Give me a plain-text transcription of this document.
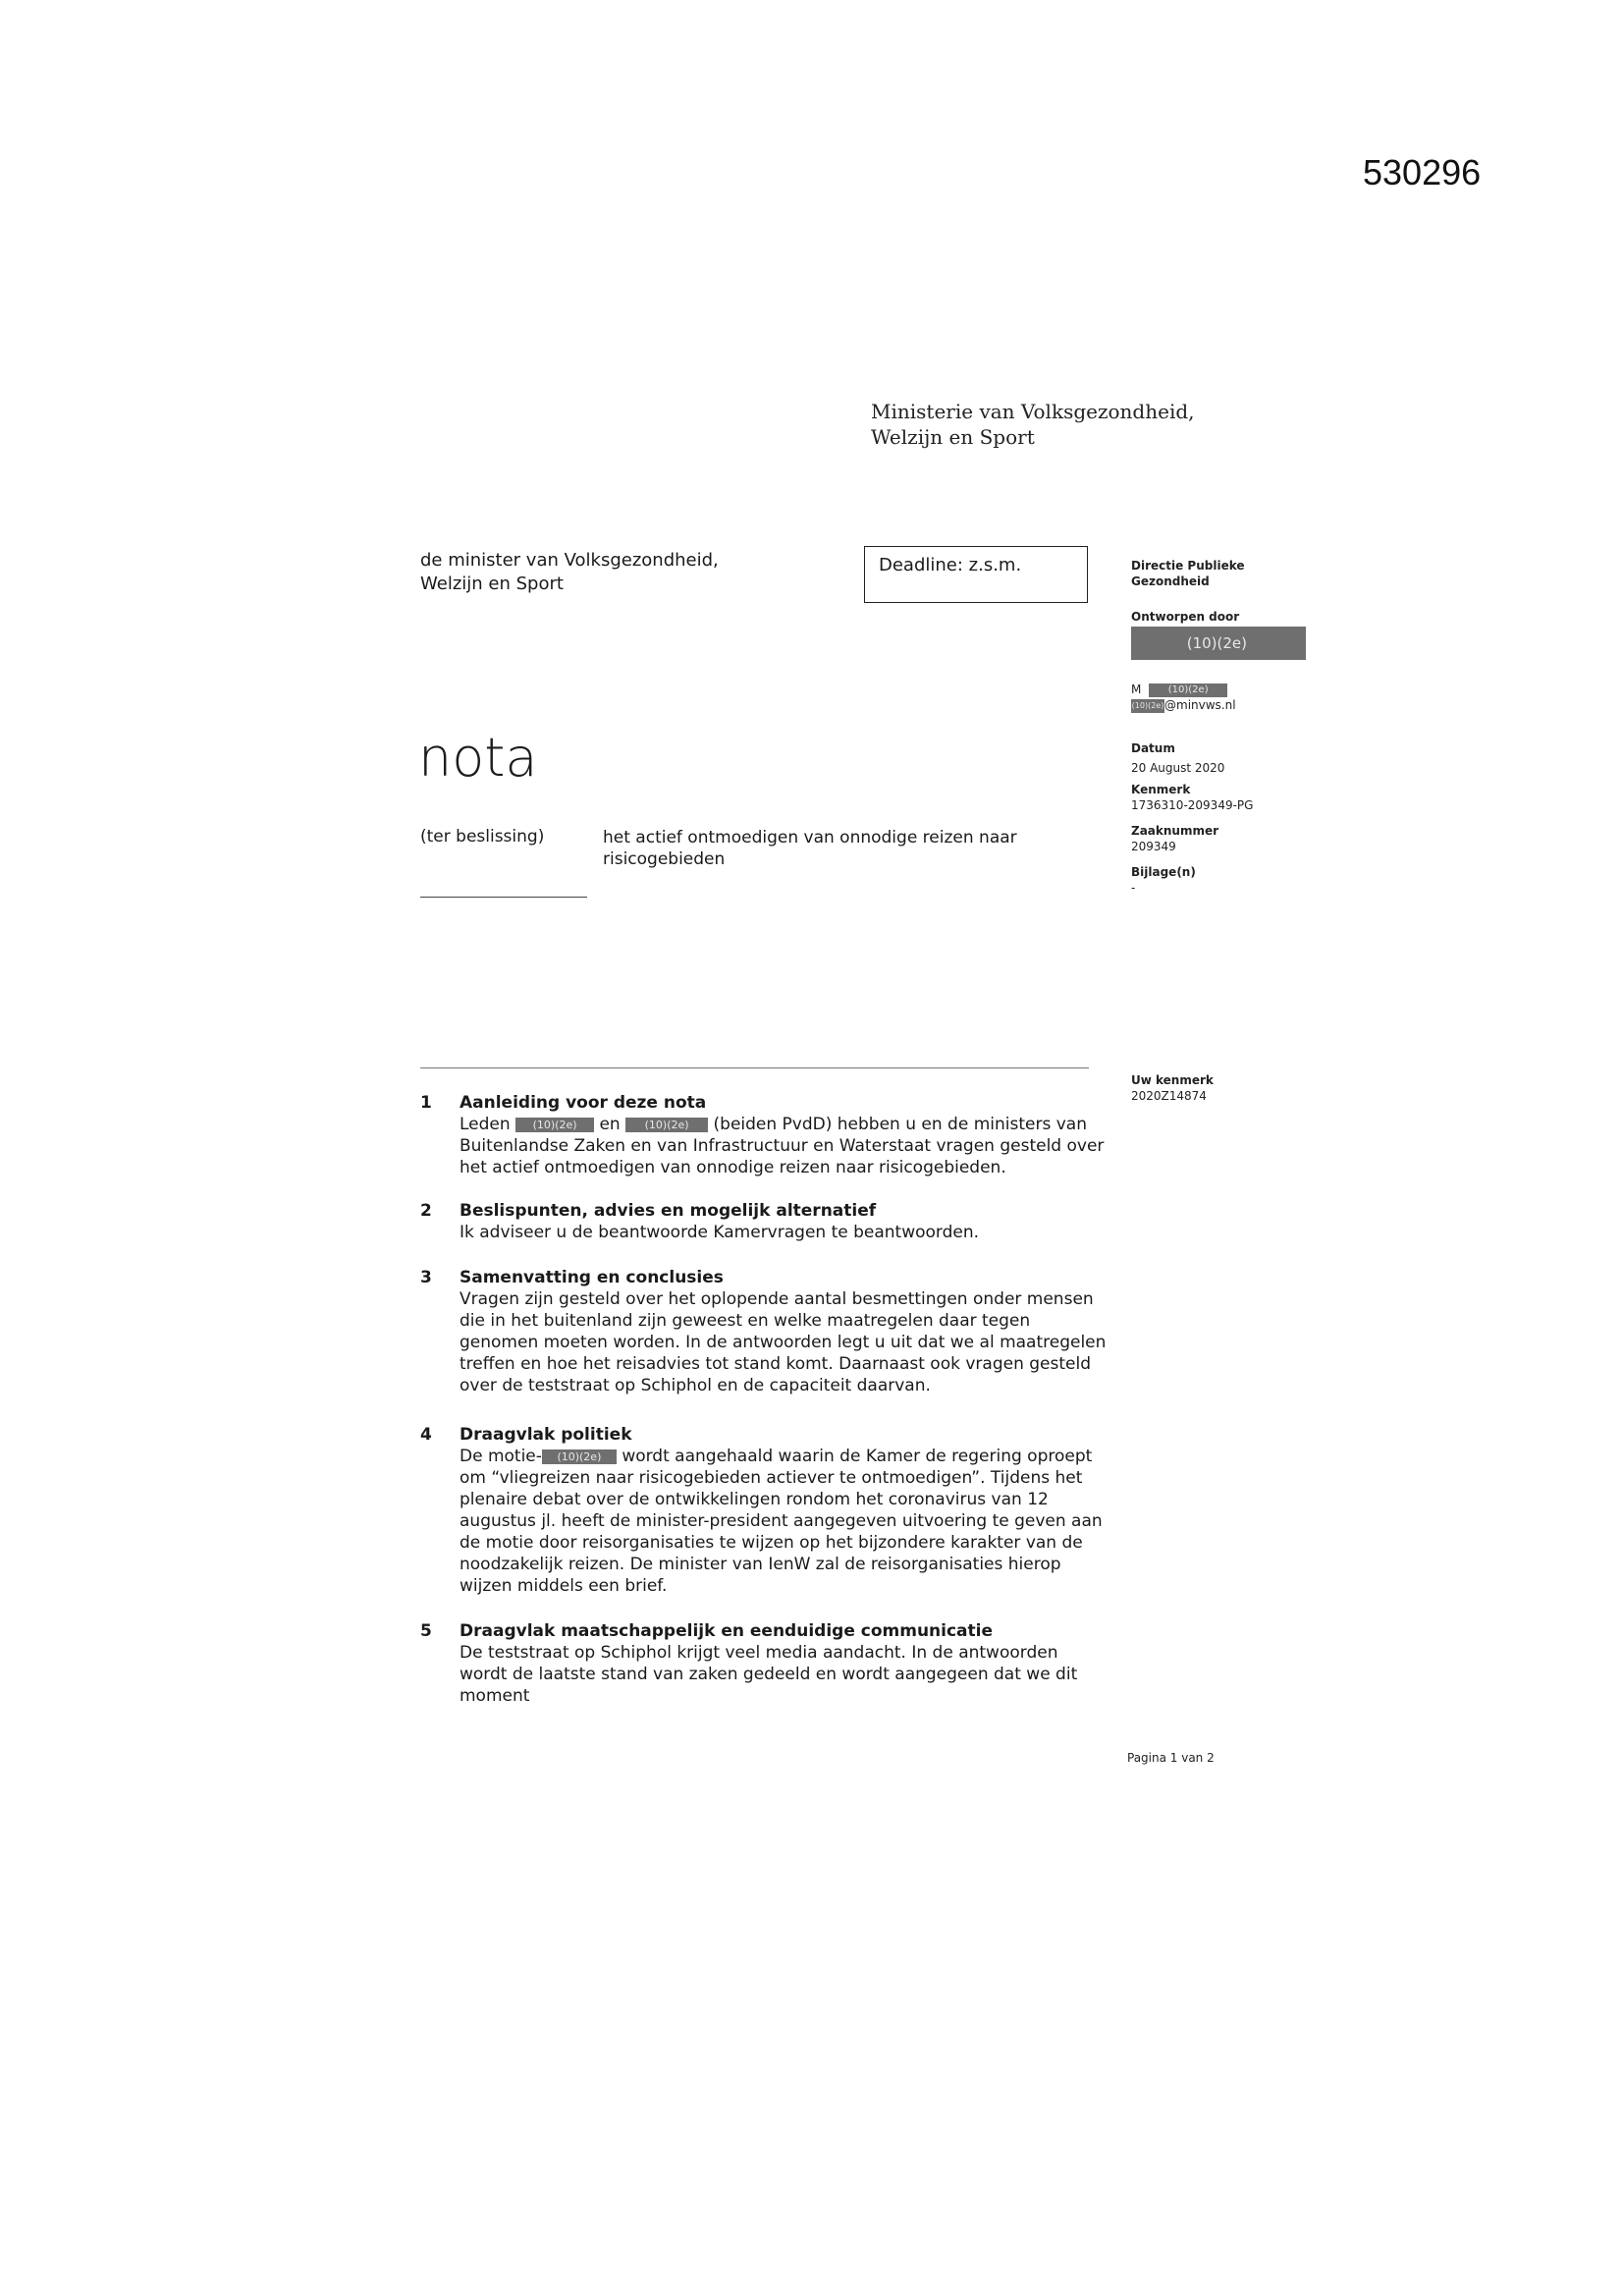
530296
Ministerie van Volksgezondheid,
Welzijn en Sport
de minister van Volksgezondheid,
Welzijn en Sport
Deadline: z.s.m.
nota
(ter beslissing)	het actief ontmoedigen van onnodige reizen naar risicogebieden
Directie Publieke
Gezondheid
Ontworpen door
(10)(2e)
M	(10)(2e)
(10)(2e)@minvws.nl
Datum
20 August 2020
Kenmerk
1736310-209349-PG
Zaaknummer
209349
Bijlage(n)
-
Uw kenmerk
2020Z14874
1 Aanleiding voor deze nota
Leden (10)(2e) en (10)(2e) (beiden PvdD) hebben u en de ministers van Buitenlandse Zaken en van Infrastructuur en Waterstaat vragen gesteld over het actief ontmoedigen van onnodige reizen naar risicogebieden.
2 Beslispunten, advies en mogelijk alternatief
Ik adviseer u de beantwoorde Kamervragen te beantwoorden.
3 Samenvatting en conclusies
Vragen zijn gesteld over het oplopende aantal besmettingen onder mensen die in het buitenland zijn geweest en welke maatregelen daar tegen genomen moeten worden. In de antwoorden legt u uit dat we al maatregelen treffen en hoe het reisadvies tot stand komt. Daarnaast ook vragen gesteld over de teststraat op Schiphol en de capaciteit daarvan.
4 Draagvlak politiek
De motie- (10)(2e) wordt aangehaald waarin de Kamer de regering oproept om “vliegreizen naar risicogebieden actiever te ontmoedigen”. Tijdens het plenaire debat over de ontwikkelingen rondom het coronavirus van 12 augustus jl. heeft de minister-president aangegeven uitvoering te geven aan de motie door reisorganisaties te wijzen op het bijzondere karakter van de noodzakelijk reizen. De minister van IenW zal de reisorganisaties hierop wijzen middels een brief.
5 Draagvlak maatschappelijk en eenduidige communicatie
De teststraat op Schiphol krijgt veel media aandacht. In de antwoorden wordt de laatste stand van zaken gedeeld en wordt aangegeen dat we dit moment
Pagina 1 van 2
